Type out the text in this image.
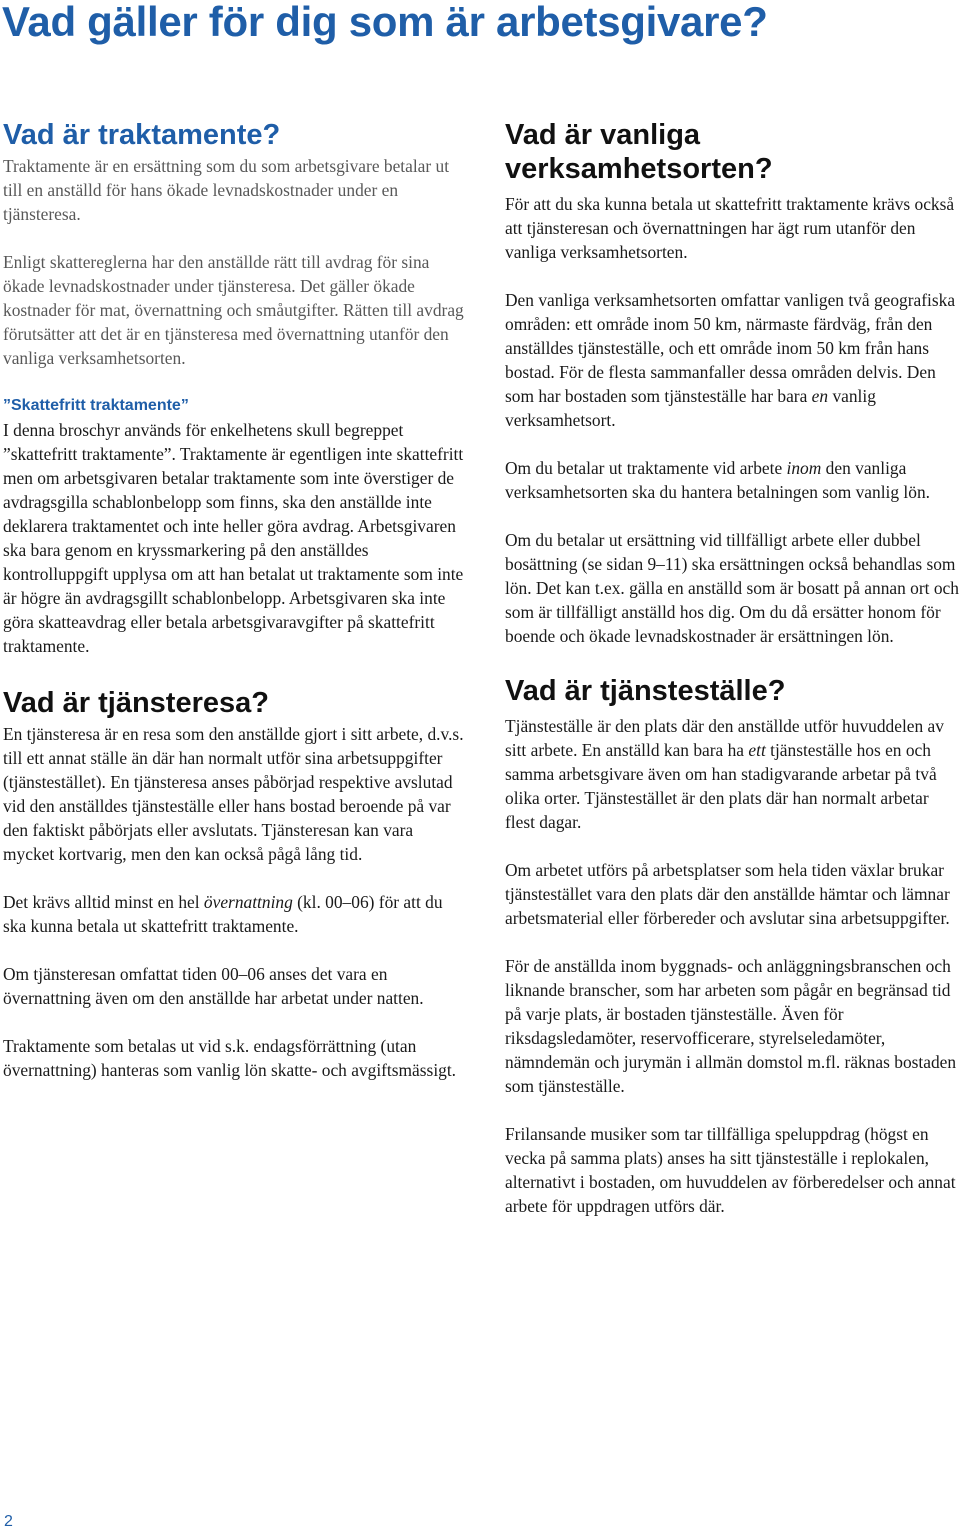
Vad gäller för dig som är arbetsgivare?
Vad är traktamente?

Traktamente är en ersättning som du som arbetsgivare betalar ut till en anställd för hans ökade levnadskostnader under en tjänsteresa.

Enligt skattereglerna har den anställde rätt till avdrag för sina ökade levnadskostnader under tjänsteresa. Det gäller ökade kostnader för mat, övernattning och småutgifter. Rätten till avdrag förutsätter att det är en tjänsteresa med övernattning utanför den vanliga verksamhetsorten.

”Skattefritt traktamente”

I denna broschyr används för enkelhetens skull begreppet ”skattefritt traktamente”. Traktamente är egentligen inte skattefritt men om arbetsgivaren betalar traktamente som inte överstiger de avdragsgilla schablonbelopp som finns, ska den anställde inte deklarera traktamentet och inte heller göra avdrag. Arbetsgivaren ska bara genom en kryssmarkering på den anställdes kontrolluppgift upplysa om att han betalat ut traktamente som inte är högre än avdragsgillt schablonbelopp. Arbetsgivaren ska inte göra skatteavdrag eller betala arbetsgivaravgifter på skattefritt traktamente.

Vad är tjänsteresa?

En tjänsteresa är en resa som den anställde gjort i sitt arbete, d.v.s. till ett annat ställe än där han normalt utför sina arbetsuppgifter (tjänstestället). En tjänsteresa anses påbörjad respektive avslutad vid den anställdes tjänsteställe eller hans bostad beroende på var den faktiskt påbörjats eller avslutats. Tjänsteresan kan vara mycket kortvarig, men den kan också pågå lång tid.

Det krävs alltid minst en hel övernattning (kl. 00–06) för att du ska kunna betala ut skattefritt traktamente.

Om tjänsteresan omfattat tiden 00–06 anses det vara en övernattning även om den anställde har arbetat under natten.

Traktamente som betalas ut vid s.k. endagsförrättning (utan övernattning) hanteras som vanlig lön skatte- och avgiftsmässigt.

Vad är vanliga verksamhetsorten?

För att du ska kunna betala ut skattefritt traktamente krävs också att tjänsteresan och övernattningen har ägt rum utanför den vanliga verksamhetsorten.

Den vanliga verksamhetsorten omfattar vanligen två geografiska områden: ett område inom 50 km, närmaste färdväg, från den anställdes tjänsteställe, och ett område inom 50 km från hans bostad. För de flesta sammanfaller dessa områden delvis. Den som har bostaden som tjänsteställe har bara en vanlig verksamhetsort.

Om du betalar ut traktamente vid arbete inom den vanliga verksamhetsorten ska du hantera betalningen som vanlig lön.

Om du betalar ut ersättning vid tillfälligt arbete eller dubbel bosättning (se sidan 9–11) ska ersättningen också behandlas som lön. Det kan t.ex. gälla en anställd som är bosatt på annan ort och som är tillfälligt anställd hos dig. Om du då ersätter honom för boende och ökade levnadskostnader är ersättningen lön.

Vad är tjänsteställe?

Tjänsteställe är den plats där den anställde utför huvuddelen av sitt arbete. En anställd kan bara ha ett tjänsteställe hos en och samma arbetsgivare även om han stadigvarande arbetar på två olika orter. Tjänstestället är den plats där han normalt arbetar flest dagar.

Om arbetet utförs på arbetsplatser som hela tiden växlar brukar tjänstestället vara den plats där den anställde hämtar och lämnar arbetsmaterial eller förbereder och avslutar sina arbetsuppgifter.

För de anställda inom byggnads- och anläggningsbranschen och liknande branscher, som har arbeten som pågår en begränsad tid på varje plats, är bostaden tjänsteställe. Även för riksdagsledamöter, reservofficerare, styrelseledamöter, nämndemän och jurymän i allmän domstol m.fl. räknas bostaden som tjänsteställe.

Frilansande musiker som tar tillfälliga speluppdrag (högst en vecka på samma plats) anses ha sitt tjänsteställe i replokalen, alternativt i bostaden, om huvuddelen av förberedelser och annat arbete för uppdragen utförs där.

2
